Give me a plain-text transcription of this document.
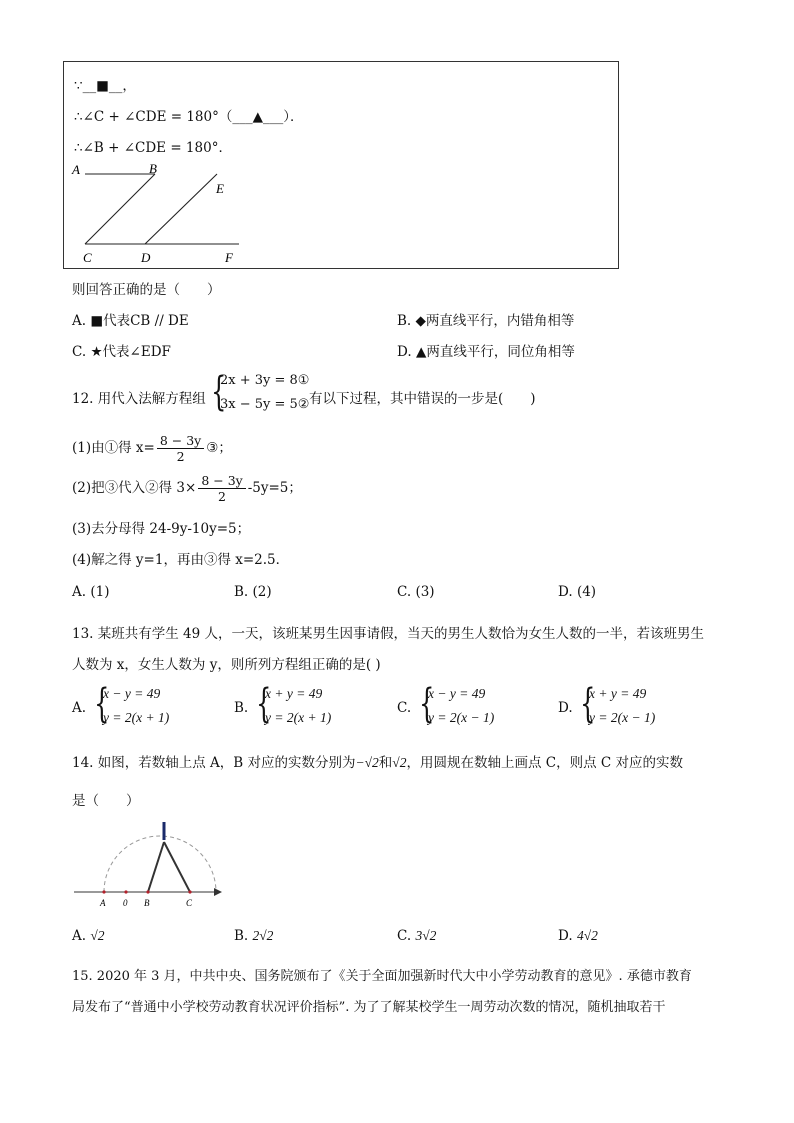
∵__■__，
∴∠C + ∠CDE = 180°（___▲___）．
∴∠B + ∠CDE = 180°．
A	B
C	D
E
F
则回答正确的是（　　）
A. ■代表CB // DE	B. ◆两直线平行，内错角相等
C. ★代表∠EDF	D. ▲两直线平行，同位角相等
12. 用代入法解方程组 {
2x + 3y = 8①
3x − 5y = 5② 有以下过程，其中错误的一步是(　　)
(1)由①得 $x= \frac{8 - 3y}{2}$ ③；
(2)把③代入②得 $3\times \frac{8 - 3y}{2} -5y=5$；
(3)去分母得 24-9y-10y=5；
(4)解之得 y=1，再由③得 x=2.5．
A. (1)	B. (2)	C. (3)	D. (4)
13. 某班共有学生 49 人，一天，该班某男生因事请假，当天的男生人数恰为女生人数的一半，若该班男生
人数为 x，女生人数为 y，则所列方程组正确的是( )
A. {
x − y = 49
y = 2(x + 1)
B. {
x + y = 49
y = 2(x + 1)
C. {
x − y = 49
y = 2(x − 1)
D. {
x + y = 49
y = 2(x − 1)
14. 如图，若数轴上点 A，B 对应的实数分别为−√2和√2，用圆规在数轴上画点 C，则点 C 对应的实数
是（　　）
A 0 B	C
A. √2	B. 2√2	C. 3√2	D. 4√2
15. 2020 年 3 月，中共中央、国务院颁布了《关于全面加强新时代大中小学劳动教育的意见》. 承德市教育
局发布了“普通中小学校劳动教育状况评价指标”. 为了了解某校学生一周劳动次数的情况，随机抽取若干
